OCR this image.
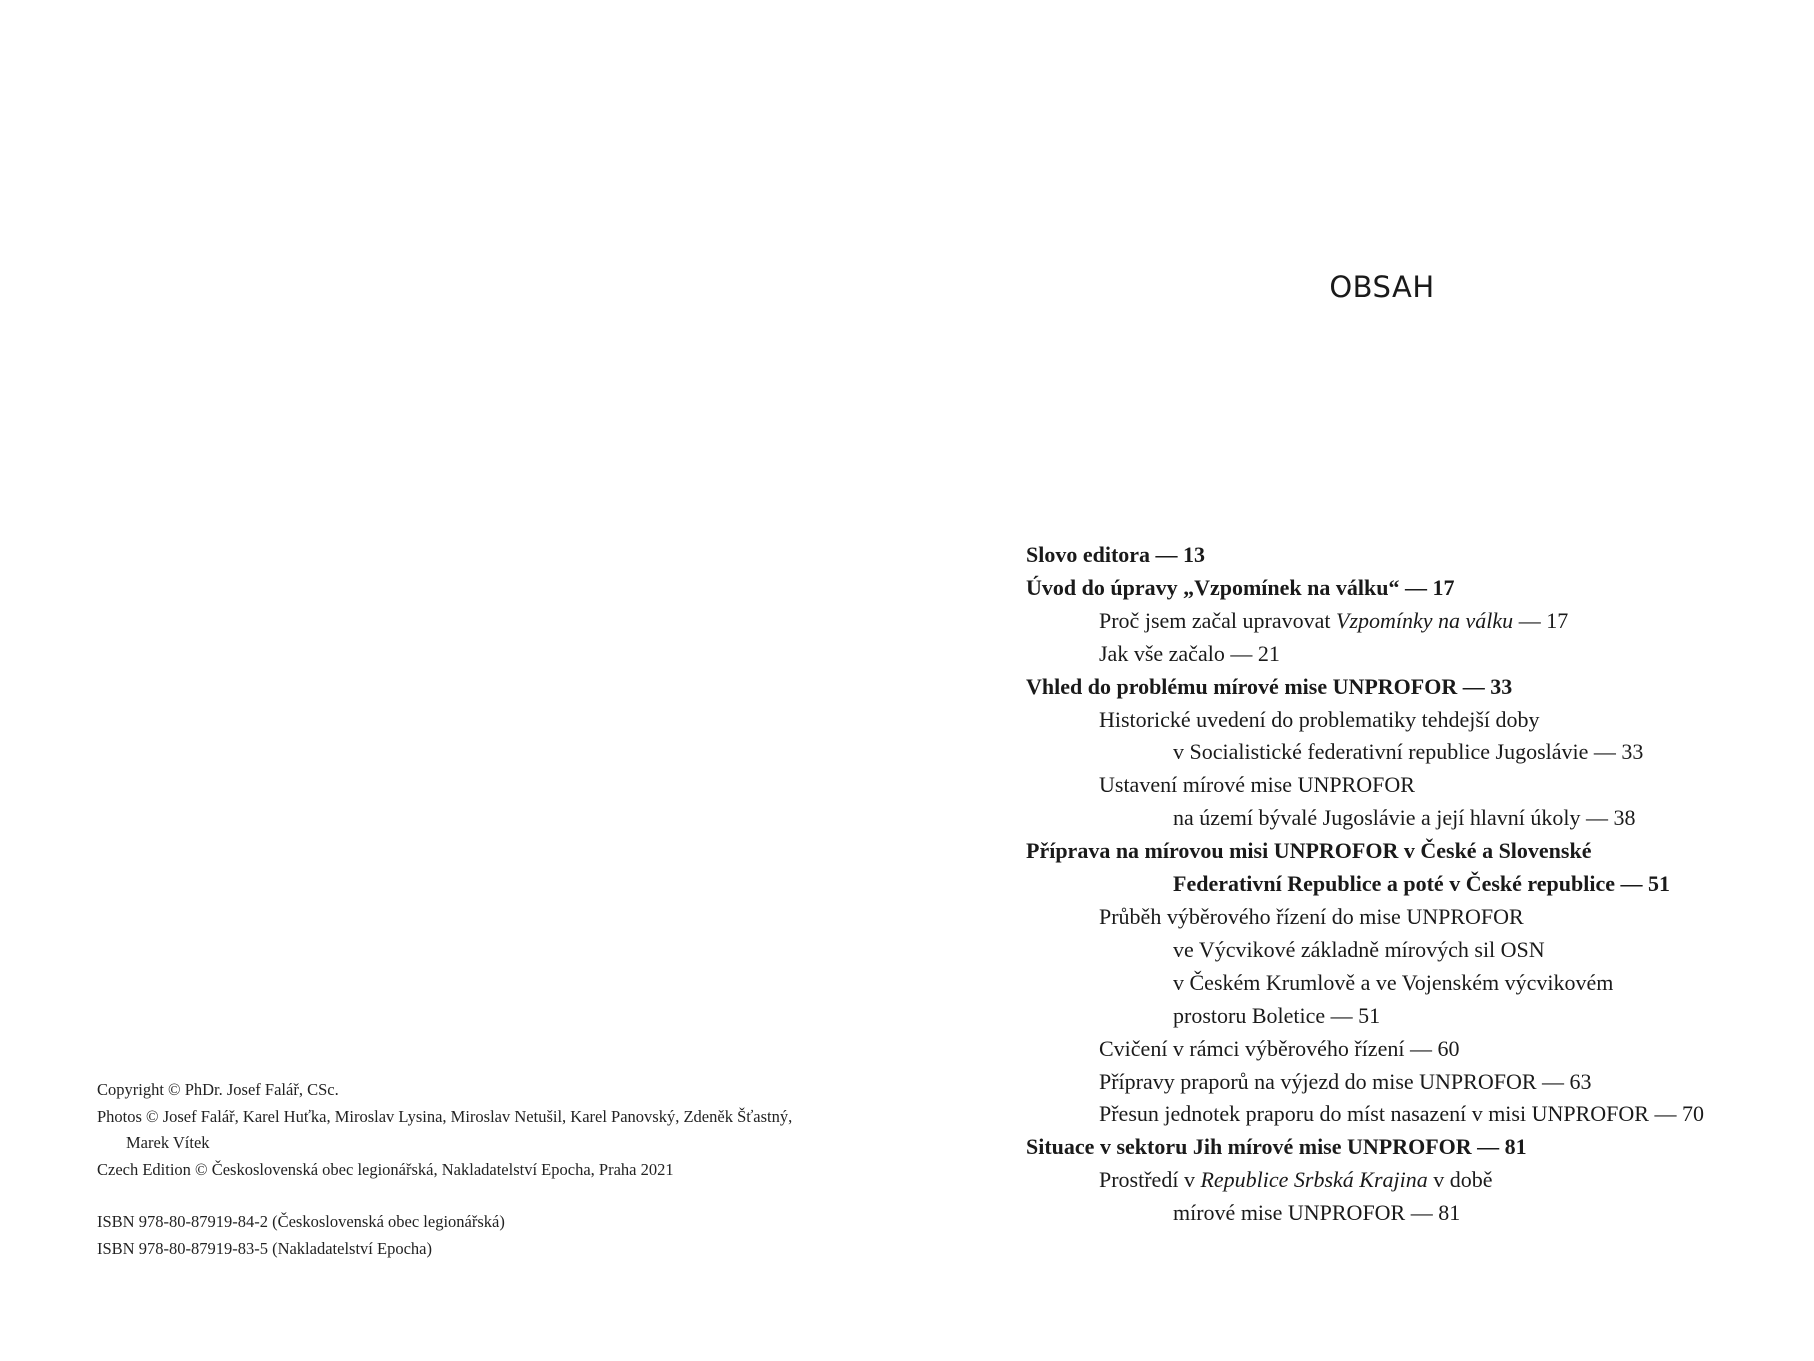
Copyright © PhDr. Josef Falář, CSc.

Photos © Josef Falář, Karel Huťka, Miroslav Lysina, Miroslav Netušil, Karel Panovský, Zdeněk Šťastný,

Marek Vítek

Czech Edition © Československá obec legionářská, Nakladatelství Epocha, Praha 2021

ISBN 978-80-87919-84-2 (Československá obec legionářská)

ISBN 978-80-87919-83-5 (Nakladatelství Epocha)

OBSAH
Slovo editora — 13
Úvod do úpravy „Vzpomínek na válku“ — 17
Proč jsem začal upravovat Vzpomínky na válku — 17
Jak vše začalo — 21
Vhled do problému mírové mise UNPROFOR — 33
Historické uvedení do problematiky tehdejší doby
v Socialistické federativní republice Jugoslávie — 33
Ustavení mírové mise UNPROFOR
na území bývalé Jugoslávie a její hlavní úkoly — 38
Příprava na mírovou misi UNPROFOR v České a Slovenské
Federativní Republice a poté v České republice — 51
Průběh výběrového řízení do mise UNPROFOR
ve Výcvikové základně mírových sil OSN
v Českém Krumlově a ve Vojenském výcvikovém
prostoru Boletice — 51
Cvičení v rámci výběrového řízení — 60
Přípravy praporů na výjezd do mise UNPROFOR — 63
Přesun jednotek praporu do míst nasazení v misi UNPROFOR — 70
Situace v sektoru Jih mírové mise UNPROFOR — 81
Prostředí v Republice Srbská Krajina v době
mírové mise UNPROFOR — 81
